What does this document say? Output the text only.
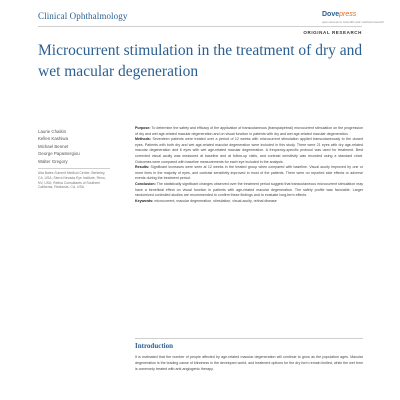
Clinical Ophthalmology	Dovepress
open access to scientific and medical research
ORIGINAL RESEARCH
Microcurrent stimulation in the treatment of dry and wet macular degeneration
Laurie Chaikin
Kellen Kashiwa
Michael Bennet
George Papastergiou
Walter Gregory
Alta Bates Summit Medical Center, Berkeley, CA, USA; Sierra Nevada Eye Institute, Reno, NV, USA; Retina Consultants of Southern California, Redlands, CA, USA

Purpose: To determine the safety and efficacy of the application of transcutaneous (transpalpebral) microcurrent stimulation on the progression of dry and wet age-related macular degeneration and on visual function in patients with dry and wet age-related macular degeneration.

Methods: Seventeen patients were treated over a period of 12 weeks with microcurrent stimulation applied transcutaneously to the closed eyes. Patients with both dry and wet age-related macular degeneration were included in this study. There were 21 eyes with dry age-related macular degeneration and 6 eyes with wet age-related macular degeneration. A frequency-specific protocol was used for treatment. Best corrected visual acuity was measured at baseline and at follow-up visits, and contrast sensitivity was recorded using a standard chart. Outcomes were compared with baseline measurements for each eye included in the analysis.

Results: Significant increases were seen at 12 weeks in the treated group when compared with baseline. Visual acuity improved by one or more lines in the majority of eyes, and contrast sensitivity improved in most of the patients. There were no reported side effects or adverse events during the treatment period.

Conclusion: The statistically significant changes observed over the treatment period suggest that transcutaneous microcurrent stimulation may have a beneficial effect on visual function in patients with age-related macular degeneration. The safety profile was favorable. Larger randomized controlled studies are recommended to confirm these findings and to evaluate long-term effects.

Keywords: microcurrent, macular degeneration, stimulation, visual acuity, retinal disease

Introduction
It is estimated that the number of people affected by age-related macular degeneration will continue to grow as the population ages. Macular degeneration is the leading cause of blindness in the developed world, and treatment options for the dry form remain limited, while the wet form is commonly treated with anti-angiogenic therapy.
